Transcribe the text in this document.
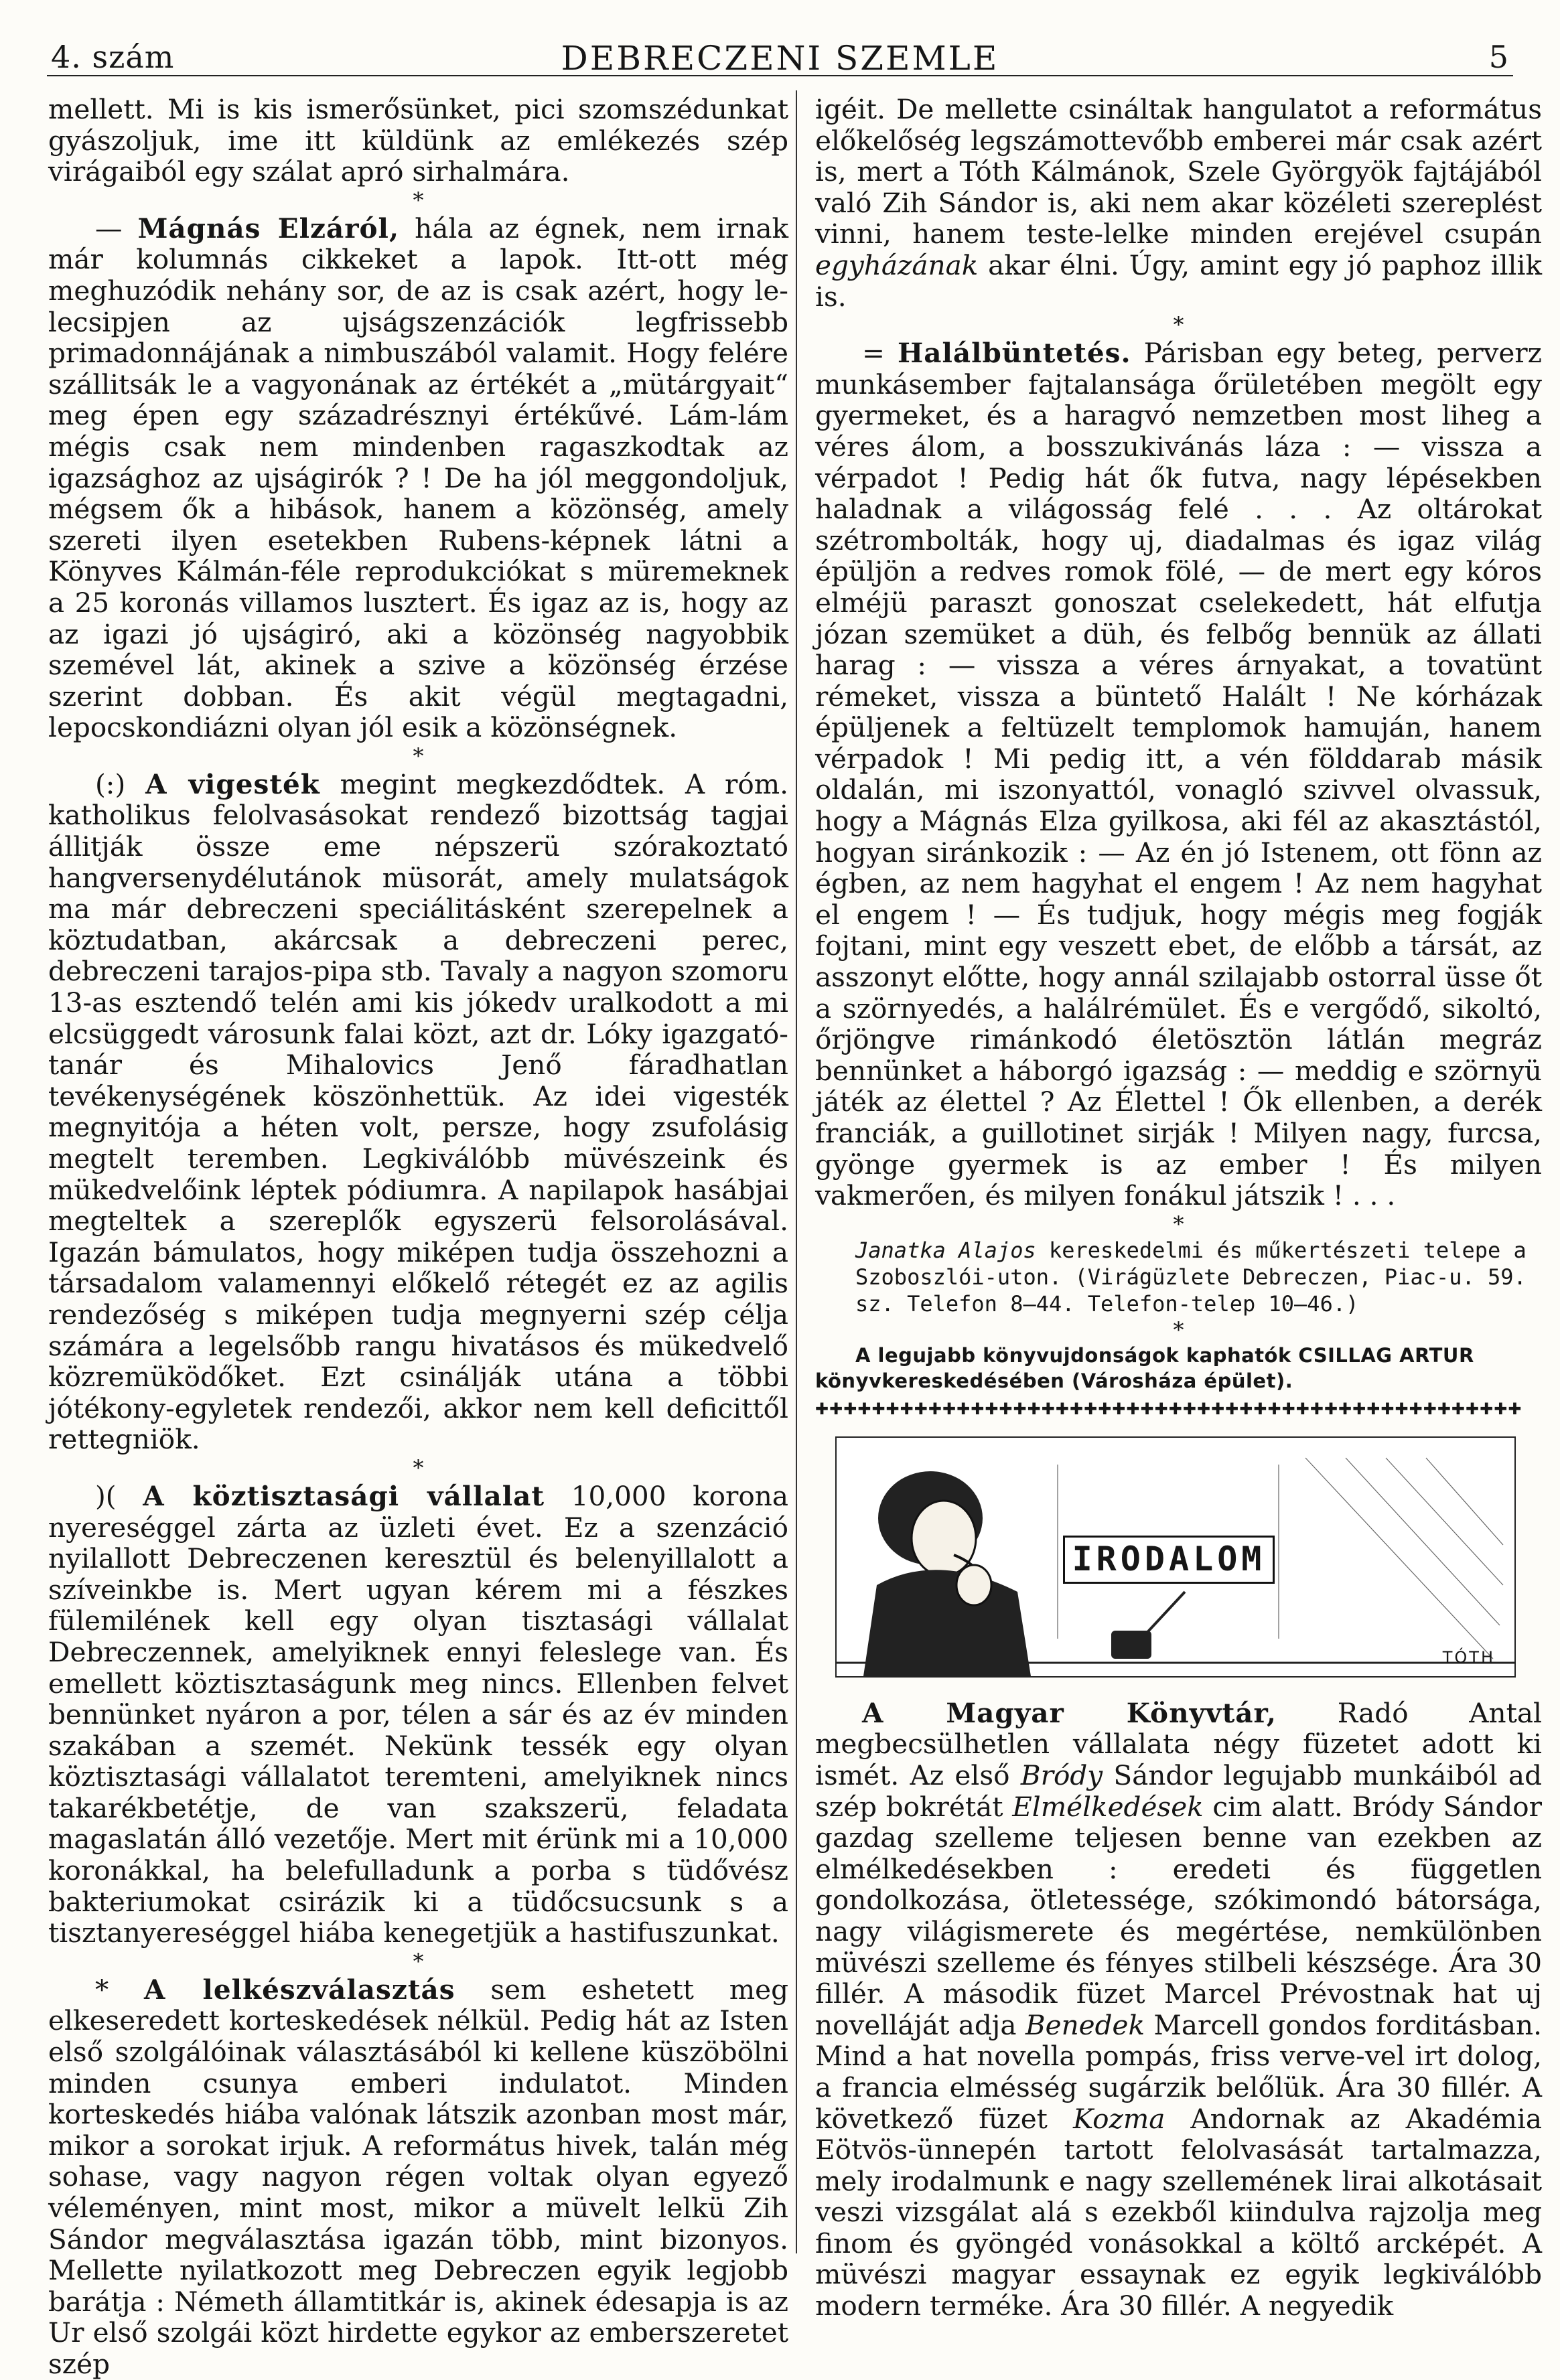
4. szám	DEBRECZENI SZEMLE	5

mellett. Mi is kis ismerősünket, pici szomszédunkat gyászoljuk, ime itt küldünk az emlékezés szép virágaiból egy szálat apró sirhalmára.

*

— Mágnás Elzáról, hála az égnek, nem irnak már kolumnás cikkeket a lapok. Itt-ott még meghuzódik nehány sor, de az is csak azért, hogy le-lecsipjen az ujságszenzációk legfrissebb primadonnájának a nimbuszából valamit. Hogy felére szállitsák le a vagyonának az értékét a „mütárgyait“ meg épen egy századrésznyi értékűvé. Lám-lám mégis csak nem mindenben ragaszkodtak az igazsághoz az ujságirók ? ! De ha jól meggondoljuk, mégsem ők a hibások, hanem a közönség, amely szereti ilyen esetekben Rubens-képnek látni a Könyves Kálmán-féle reprodukciókat s müremeknek a 25 koronás villamos lusztert. És igaz az is, hogy az az igazi jó ujságiró, aki a közönség nagyobbik szemével lát, akinek a szive a közönség érzése szerint dobban. És akit végül megtagadni, lepocskondiázni olyan jól esik a közönségnek.

*

(:) A vigesték megint megkezdődtek. A róm. katholikus felolvasásokat rendező bizottság tagjai állitják össze eme népszerü szórakoztató hangversenydélutánok müsorát, amely mulatságok ma már debreczeni speciálitásként szerepelnek a köztudatban, akárcsak a debreczeni perec, debreczeni tarajos-pipa stb. Tavaly a nagyon szomoru 13-as esztendő telén ami kis jókedv uralkodott a mi elcsüggedt városunk falai közt, azt dr. Lóky igazgató-tanár és Mihalovics Jenő fáradhatlan tevékenységének köszönhettük. Az idei vigesték megnyitója a héten volt, persze, hogy zsufolásig megtelt teremben. Legkiválóbb müvészeink és mükedvelőink léptek pódiumra. A napilapok hasábjai megteltek a szereplők egyszerü felsorolásával. Igazán bámulatos, hogy miképen tudja összehozni a társadalom valamennyi előkelő rétegét ez az agilis rendezőség s miképen tudja megnyerni szép célja számára a legelsőbb rangu hivatásos és mükedvelő közremüködőket. Ezt csinálják utána a többi jótékony-egyletek rendezői, akkor nem kell deficittől rettegniök.

*

)( A köztisztasági vállalat 10,000 korona nyereséggel zárta az üzleti évet. Ez a szenzáció nyilallott Debreczenen keresztül és belenyillalott a szíveinkbe is. Mert ugyan kérem mi a fészkes fülemilének kell egy olyan tisztasági vállalat Debreczennek, amelyiknek ennyi feleslege van. És emellett köztisztaságunk meg nincs. Ellenben felvet bennünket nyáron a por, télen a sár és az év minden szakában a szemét. Nekünk tessék egy olyan köztisztasági vállalatot teremteni, amelyiknek nincs takarékbetétje, de van szakszerü, feladata magaslatán álló vezetője. Mert mit érünk mi a 10,000 koronákkal, ha belefulladunk a porba s tüdővész bakteriumokat csirázik ki a tüdőcsucsunk s a tisztanyereséggel hiába kenegetjük a hastifuszunkat.

*

* A lelkészválasztás sem eshetett meg elkeseredett korteskedések nélkül. Pedig hát az Isten első szolgálóinak választásából ki kellene küszöbölni minden csunya emberi indulatot. Minden korteskedés hiába valónak látszik azonban most már, mikor a sorokat irjuk. A református hivek, talán még sohase, vagy nagyon régen voltak olyan egyező véleményen, mint most, mikor a müvelt lelkü Zih Sándor megválasztása igazán több, mint bizonyos. Mellette nyilatkozott meg Debreczen egyik legjobb barátja : Németh államtitkár is, akinek édesapja is az Ur első szolgái közt hirdette egykor az emberszeretet szép

igéit. De mellette csináltak hangulatot a református előkelőség legszámottevőbb emberei már csak azért is, mert a Tóth Kálmánok, Szele Györgyök fajtájából való Zih Sándor is, aki nem akar közéleti szereplést vinni, hanem teste-lelke minden erejével csupán egyházának akar élni. Úgy, amint egy jó paphoz illik is.

*

= Halálbüntetés. Párisban egy beteg, perverz munkásember fajtalansága őrületében megölt egy gyermeket, és a haragvó nemzetben most liheg a véres álom, a bosszukivánás láza : — vissza a vérpadot ! Pedig hát ők futva, nagy lépésekben haladnak a világosság felé . . . Az oltárokat szétrombolták, hogy uj, diadalmas és igaz világ épüljön a redves romok fölé, — de mert egy kóros elméjü paraszt gonoszat cselekedett, hát elfutja józan szemüket a düh, és felbőg bennük az állati harag : — vissza a véres árnyakat, a tovatünt rémeket, vissza a büntető Halált ! Ne kórházak épüljenek a feltüzelt templomok hamuján, hanem vérpadok ! Mi pedig itt, a vén földdarab másik oldalán, mi iszonyattól, vonagló szivvel olvassuk, hogy a Mágnás Elza gyilkosa, aki fél az akasztástól, hogyan siránkozik : — Az én jó Istenem, ott fönn az égben, az nem hagyhat el engem ! Az nem hagyhat el engem ! — És tudjuk, hogy mégis meg fogják fojtani, mint egy veszett ebet, de előbb a társát, az asszonyt előtte, hogy annál szilajabb ostorral üsse őt a szörnyedés, a halálrémület. És e vergődő, sikoltó, őrjöngve rimánkodó életösztön látlán megráz bennünket a háborgó igazság : — meddig e szörnyü játék az élettel ? Az Élettel ! Ők ellenben, a derék franciák, a guillotinet sirják ! Milyen nagy, furcsa, gyönge gyermek is az ember ! És milyen vakmerően, és milyen fonákul játszik ! . . .

*

Janatka Alajos kereskedelmi és műkertészeti telepe a Szoboszlói-uton. (Virágüzlete Debreczen, Piac-u. 59. sz. Telefon 8—44. Telefon-telep 10—46.)

*
A legujabb könyvujdonságok kaphatók CSILLAG ARTUR
könyvkereskedésében (Városháza épület).
✚✚✚✚✚✚✚✚✚✚✚✚✚✚✚✚✚✚✚✚✚✚✚✚✚✚✚✚✚✚✚✚✚✚✚✚✚✚✚✚✚✚✚✚✚✚✚✚✚✚
IRODALOM
TÓTH

A Magyar Könyvtár, Radó Antal megbecsülhetlen vállalata négy füzetet adott ki ismét. Az első Bródy Sándor legujabb munkáiból ad szép bokrétát Elmélkedések cim alatt. Bródy Sándor gazdag szelleme teljesen benne van ezekben az elmélkedésekben : eredeti és független gondolkozása, ötletessége, szókimondó bátorsága, nagy világismerete és megértése, nemkülönben müvészi szelleme és fényes stilbeli készsége. Ára 30 fillér. A második füzet Marcel Prévostnak hat uj novelláját adja Benedek Marcell gondos forditásban. Mind a hat novella pompás, friss verve-vel irt dolog, a francia elmésség sugárzik belőlük. Ára 30 fillér. A következő füzet Kozma Andornak az Akadémia Eötvös-ünnepén tartott felolvasását tartalmazza, mely irodalmunk e nagy szellemének lirai alkotásait veszi vizsgálat alá s ezekből kiindulva rajzolja meg finom és gyöngéd vonásokkal a költő arcképét. A müvészi magyar essaynak ez egyik legkiválóbb modern terméke. Ára 30 fillér. A negyedik
